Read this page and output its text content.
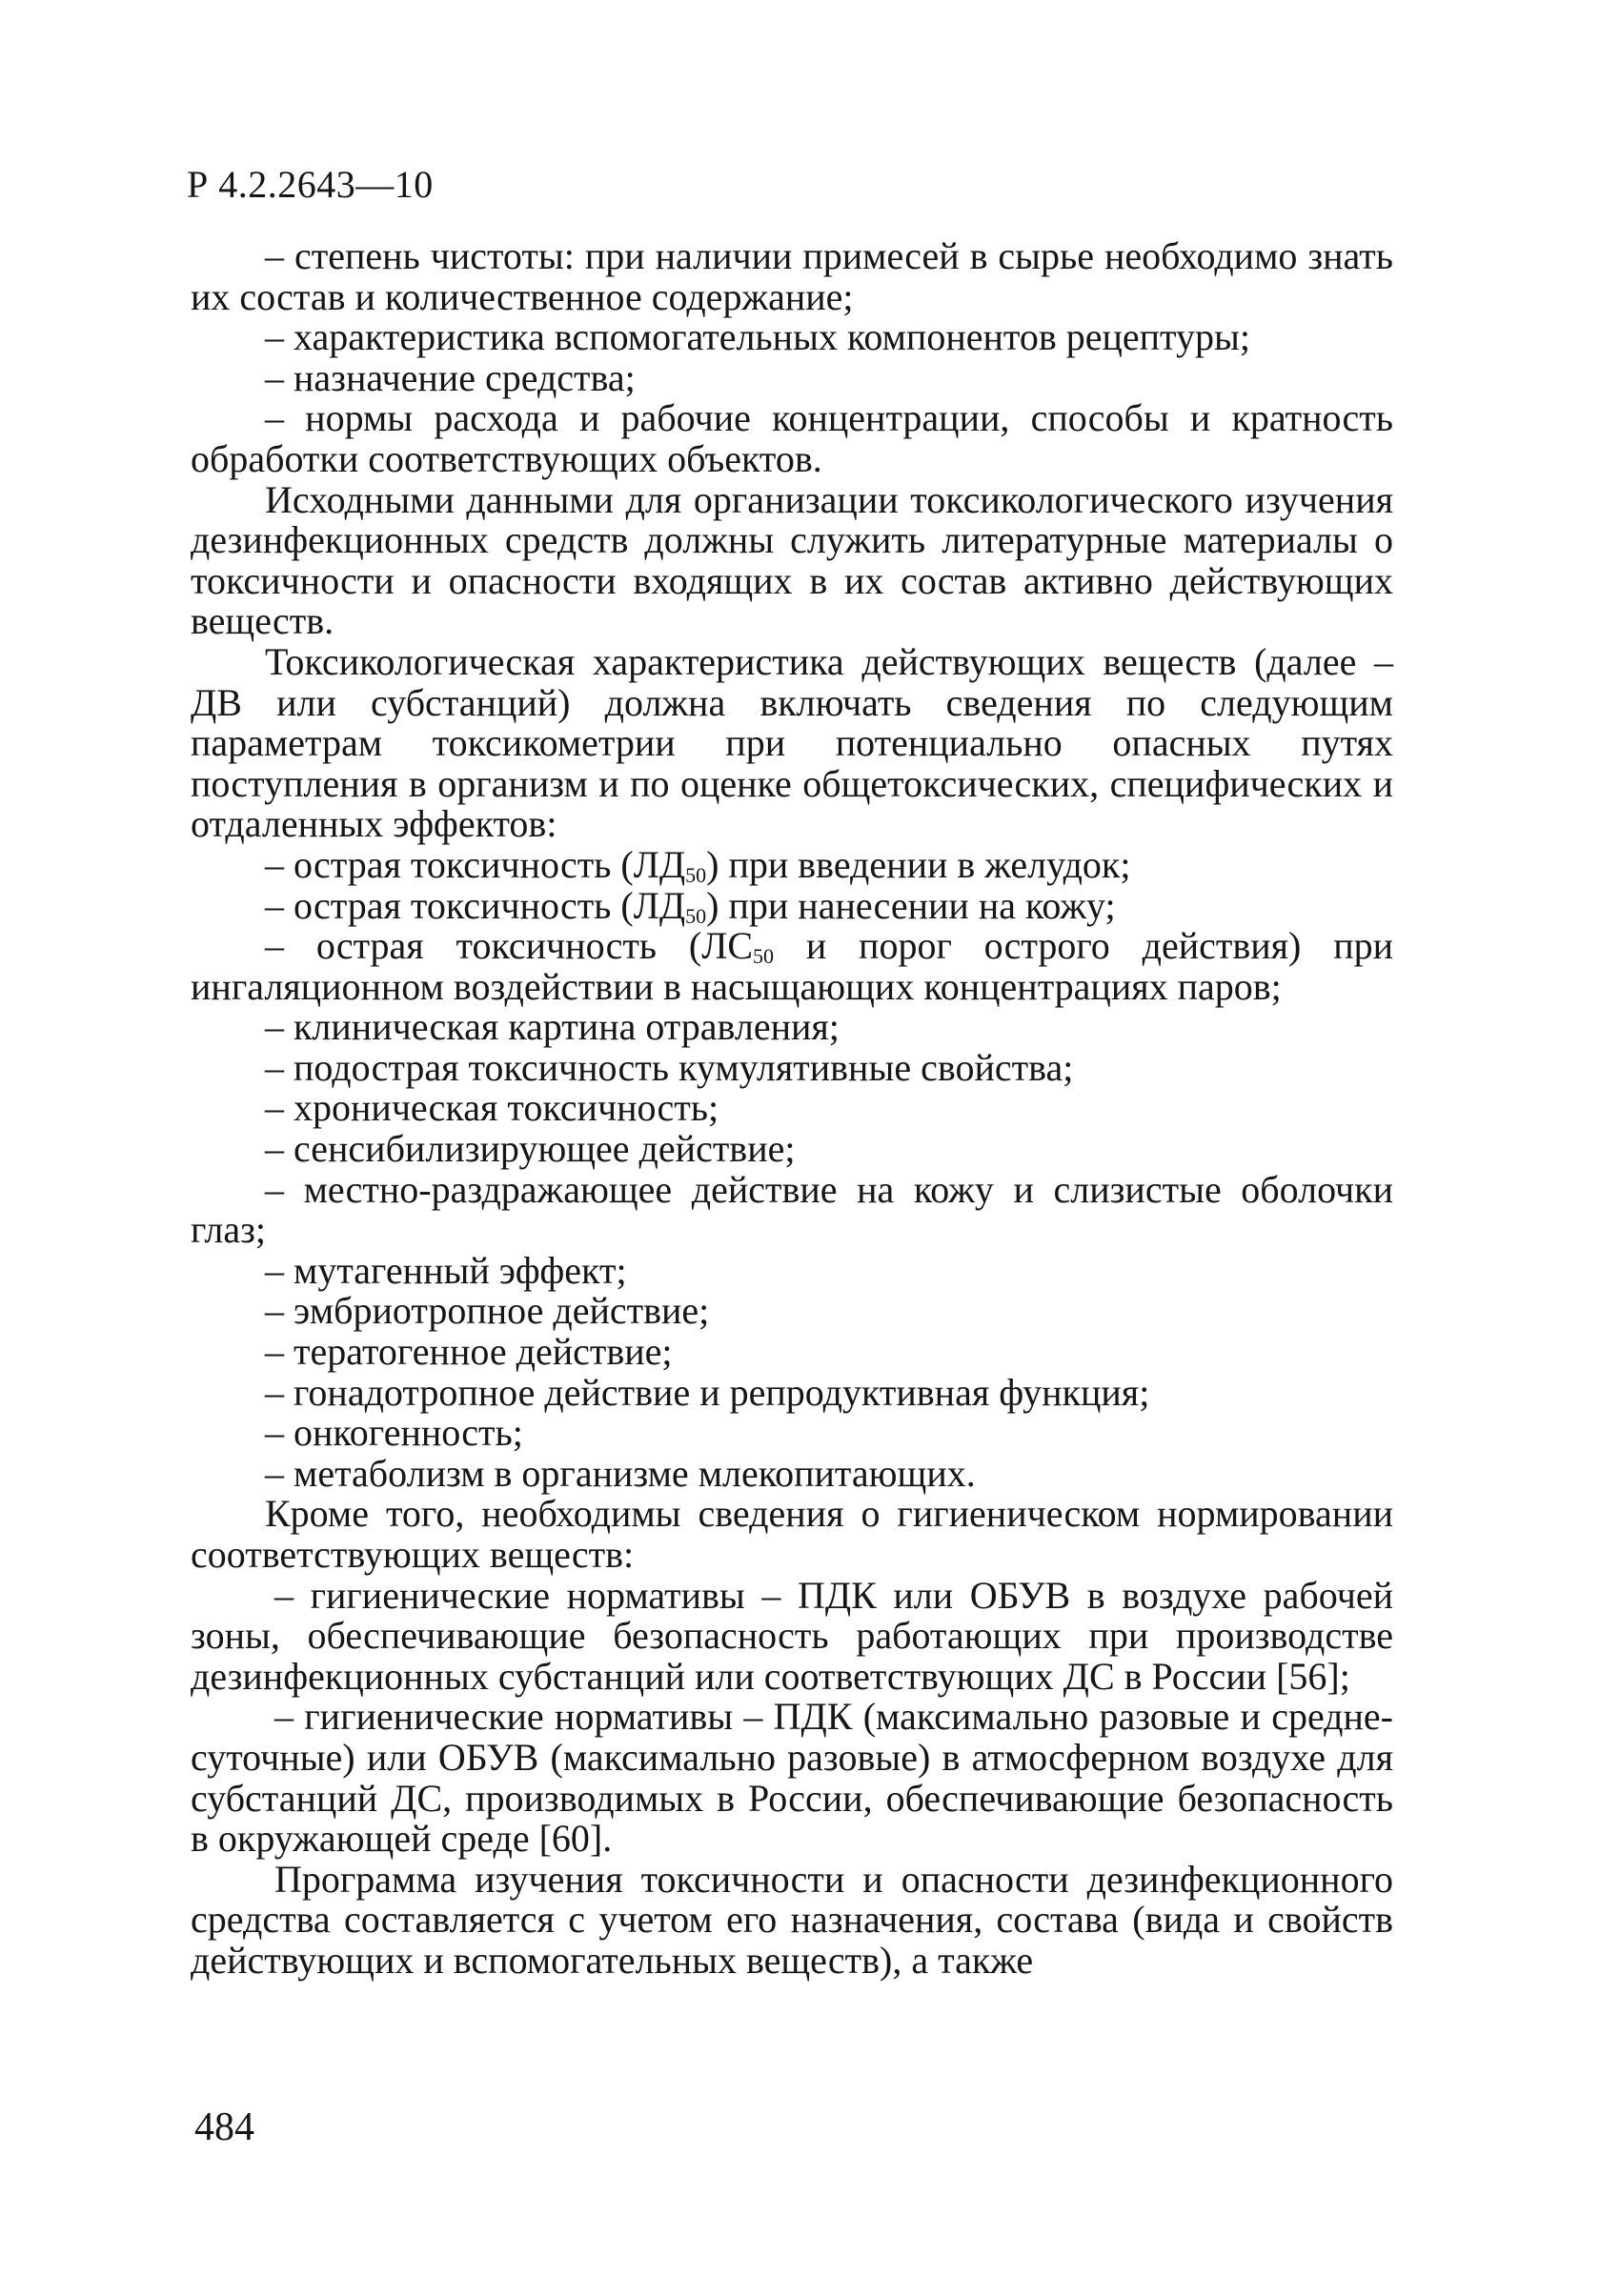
Р 4.2.2643—10

– степень чистоты: при наличии примесей в сырье необходимо знать их состав и количественное содержание;

– характеристика вспомогательных компонентов рецептуры;

– назначение средства;

– нормы расхода и рабочие концентрации, способы и кратность обработки соответствующих объектов.

Исходными данными для организации токсикологического изучения дезинфекционных средств должны служить литературные материалы о токсичности и опасности входящих в их состав активно действующих веществ.

Токсикологическая характеристика действующих веществ (далее – ДВ или субстанций) должна включать сведения по следующим параметрам токсикометрии при потенциально опасных путях поступления в организм и по оценке общетоксических, специфических и отдаленных эффектов:

– острая токсичность $(ЛД_{50})$ при введении в желудок;

– острая токсичность $(ЛД_{50})$ при нанесении на кожу;

– острая токсичность ($ЛС_{50}$ и порог острого действия) при ингаляционном воздействии в насыщающих концентрациях паров;

– клиническая картина отравления;

– подострая токсичность кумулятивные свойства;

– хроническая токсичность;

– сенсибилизирующее действие;

– местно-раздражающее действие на кожу и слизистые оболочки глаз;

– мутагенный эффект;

– эмбриотропное действие;

– тератогенное действие;

– гонадотропное действие и репродуктивная функция;

– онкогенность;

– метаболизм в организме млекопитающих.

Кроме того, необходимы сведения о гигиеническом нормировании соответствующих веществ:

– гигиенические нормативы – ПДК или ОБУВ в воздухе рабочей зоны, обеспечивающие безопасность работающих при производстве дезинфекционных субстанций или соответствующих ДС в России [56];

– гигиенические нормативы – ПДК (максимально разовые и средне-суточные) или ОБУВ (максимально разовые) в атмосферном воздухе для субстанций ДС, производимых в России, обеспечивающие безопасность в окружающей среде [60].

Программа изучения токсичности и опасности дезинфекционного средства составляется с учетом его назначения, состава (вида и свойств действующих и вспомогательных веществ), а также

484
